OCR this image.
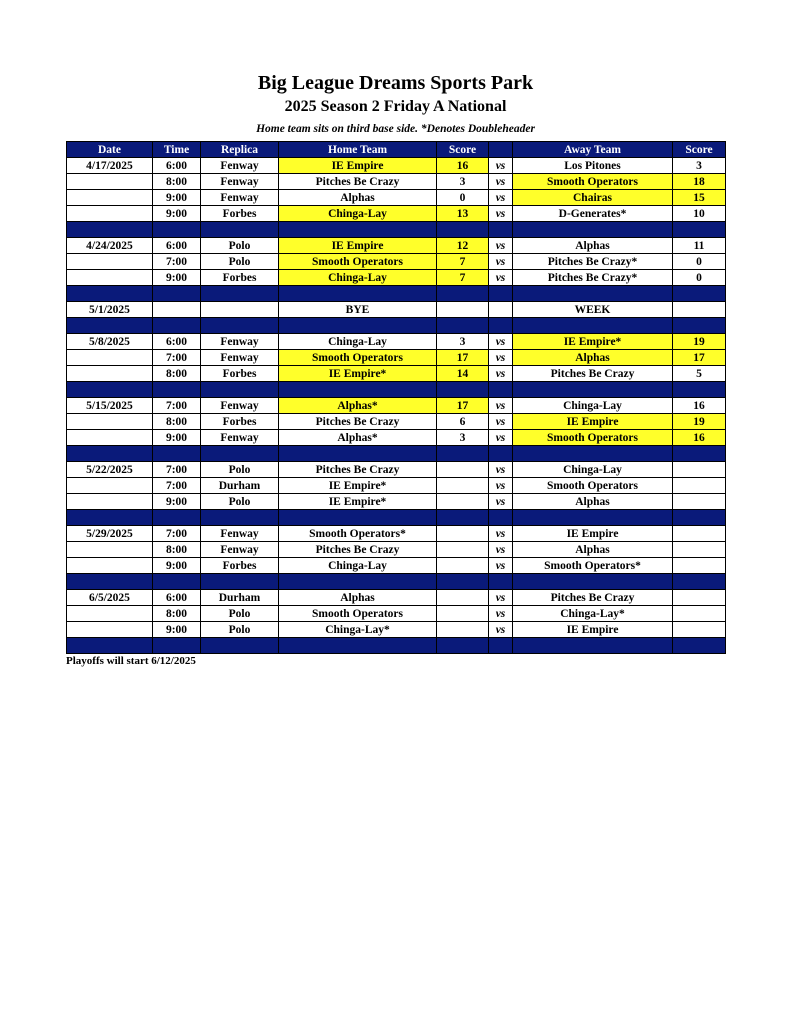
Big League Dreams Sports Park
2025 Season 2 Friday A National
Home team sits on third base side. *Denotes Doubleheader
Date	Time	Replica	Home Team	Score		Away Team	Score
4/17/2025	6:00	Fenway	IE Empire	16	vs	Los Pitones	3
	8:00	Fenway	Pitches Be Crazy	3	vs	Smooth Operators	18
	9:00	Fenway	Alphas	0	vs	Chairas	15
	9:00	Forbes	Chinga-Lay	13	vs	D-Generates*	10

4/24/2025	6:00	Polo	IE Empire	12	vs	Alphas	11
	7:00	Polo	Smooth Operators	7	vs	Pitches Be Crazy*	0
	9:00	Forbes	Chinga-Lay	7	vs	Pitches Be Crazy*	0

5/1/2025			BYE			WEEK	

5/8/2025	6:00	Fenway	Chinga-Lay	3	vs	IE Empire*	19
	7:00	Fenway	Smooth Operators	17	vs	Alphas	17
	8:00	Forbes	IE Empire*	14	vs	Pitches Be Crazy	5

5/15/2025	7:00	Fenway	Alphas*	17	vs	Chinga-Lay	16
	8:00	Forbes	Pitches Be Crazy	6	vs	IE Empire	19
	9:00	Fenway	Alphas*	3	vs	Smooth Operators	16

5/22/2025	7:00	Polo	Pitches Be Crazy		vs	Chinga-Lay	
	7:00	Durham	IE Empire*		vs	Smooth Operators	
	9:00	Polo	IE Empire*		vs	Alphas	

5/29/2025	7:00	Fenway	Smooth Operators*		vs	IE Empire	
	8:00	Fenway	Pitches Be Crazy		vs	Alphas	
	9:00	Forbes	Chinga-Lay		vs	Smooth Operators*	

6/5/2025	6:00	Durham	Alphas		vs	Pitches Be Crazy	
	8:00	Polo	Smooth Operators		vs	Chinga-Lay*	
	9:00	Polo	Chinga-Lay*		vs	IE Empire	

Playoffs will start 6/12/2025
